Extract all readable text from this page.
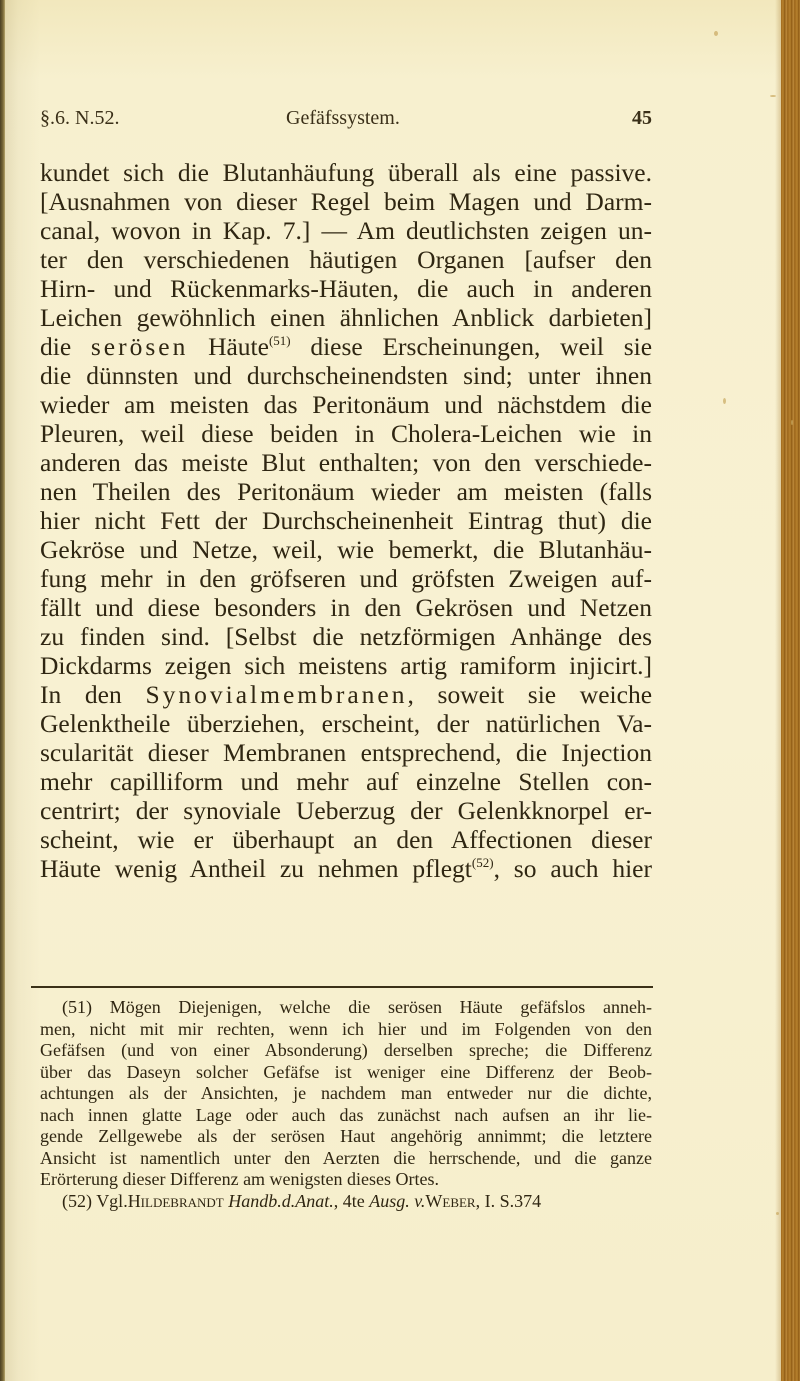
§.6. N.52.	Gefäfssystem.	45
kundet sich die Blutanhäufung überall als eine passive.
[Ausnahmen von dieser Regel beim Magen und Darm-
canal, wovon in Kap. 7.] — Am deutlichsten zeigen un-
ter den verschiedenen häutigen Organen [aufser den
Hirn- und Rückenmarks-Häuten, die auch in anderen
Leichen gewöhnlich einen ähnlichen Anblick darbieten]
die serösen Häute$^{(51)}$ diese Erscheinungen, weil sie
die dünnsten und durchscheinendsten sind; unter ihnen
wieder am meisten das Peritonäum und nächstdem die
Pleuren, weil diese beiden in Cholera-Leichen wie in
anderen das meiste Blut enthalten; von den verschiede-
nen Theilen des Peritonäum wieder am meisten (falls
hier nicht Fett der Durchscheinenheit Eintrag thut) die
Gekröse und Netze, weil, wie bemerkt, die Blutanhäu-
fung mehr in den gröfseren und gröfsten Zweigen auf-
fällt und diese besonders in den Gekrösen und Netzen
zu finden sind. [Selbst die netzförmigen Anhänge des
Dickdarms zeigen sich meistens artig ramiform injicirt.]
In den Synovialmembranen, soweit sie weiche
Gelenktheile überziehen, erscheint, der natürlichen Va-
scularität dieser Membranen entsprechend, die Injection
mehr capilliform und mehr auf einzelne Stellen con-
centrirt; der synoviale Ueberzug der Gelenkknorpel er-
scheint, wie er überhaupt an den Affectionen dieser
Häute wenig Antheil zu nehmen pflegt$^{(52)}$, so auch hier
(51) Mögen Diejenigen, welche die serösen Häute gefäfslos anneh-
men, nicht mit mir rechten, wenn ich hier und im Folgenden von den
Gefäfsen (und von einer Absonderung) derselben spreche; die Differenz
über das Daseyn solcher Gefäfse ist weniger eine Differenz der Beob-
achtungen als der Ansichten, je nachdem man entweder nur die dichte,
nach innen glatte Lage oder auch das zunächst nach aufsen an ihr lie-
gende Zellgewebe als der serösen Haut angehörig annimmt; die letztere
Ansicht ist namentlich unter den Aerzten die herrschende, und die ganze
Erörterung dieser Differenz am wenigsten dieses Ortes.
(52) Vgl.Hildebrandt Handb.d.Anat., 4te Ausg. v.Weber, I. S.374
